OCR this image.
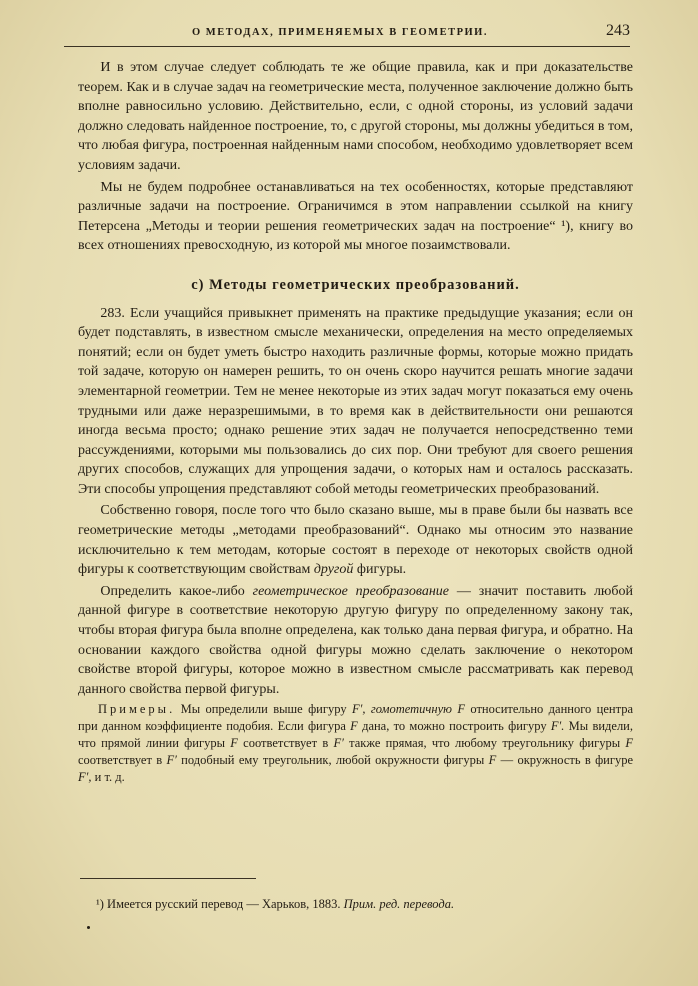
О МЕТОДАХ, ПРИМЕНЯЕМЫХ В ГЕОМЕТРИИ.	243

И в этом случае следует соблюдать те же общие правила, как и при доказательстве теорем. Как и в случае задач на геометрические места, полученное заключение должно быть вполне равносильно условию. Действительно, если, с одной стороны, из условий задачи должно следовать найденное построение, то, с другой стороны, мы должны убедиться в том, что любая фигура, построенная найденным нами способом, необходимо удовлетворяет всем условиям задачи.

Мы не будем подробнее останавливаться на тех особенностях, которые представляют различные задачи на построение. Ограничимся в этом направлении ссылкой на книгу Петерсена „Методы и теории решения геометрических задач на построение“ ¹), книгу во всех отношениях превосходную, из которой мы многое позаимствовали.

c) Методы геометрических преобразований.

283. Если учащийся привыкнет применять на практике предыдущие указания; если он будет подставлять, в известном смысле механически, определения на место определяемых понятий; если он будет уметь быстро находить различные формы, которые можно придать той задаче, которую он намерен решить, то он очень скоро научится решать многие задачи элементарной геометрии. Тем не менее некоторые из этих задач могут показаться ему очень трудными или даже неразрешимыми, в то время как в действительности они решаются иногда весьма просто; однако решение этих задач не получается непосредственно теми рассуждениями, которыми мы пользовались до сих пор. Они требуют для своего решения других способов, служащих для упрощения задачи, о которых нам и осталось рассказать. Эти способы упрощения представляют собой методы геометрических преобразований.

Собственно говоря, после того что было сказано выше, мы в праве были бы назвать все геометрические методы „методами преобразований“. Однако мы относим это название исключительно к тем методам, которые состоят в переходе от некоторых свойств одной фигуры к соответствующим свойствам другой фигуры.

Определить какое-либо геометрическое преобразование — значит поставить любой данной фигуре в соответствие некоторую другую фигуру по определенному закону так, чтобы вторая фигура была вполне определена, как только дана первая фигура, и обратно. На основании каждого свойства одной фигуры можно сделать заключение о некотором свойстве второй фигуры, которое можно в известном смысле рассматривать как перевод данного свойства первой фигуры.

Примеры. Мы определили выше фигуру F′, гомотетичную F относительно данного центра при данном коэффициенте подобия. Если фигура F дана, то можно построить фигуру F′. Мы видели, что прямой линии фигуры F соответствует в F′ также прямая, что любому треугольнику фигуры F соответствует в F′ подобный ему треугольник, любой окружности фигуры F — окружность в фигуре F′, и т. д.

¹) Имеется русский перевод — Харьков, 1883. Прим. ред. перевода.
